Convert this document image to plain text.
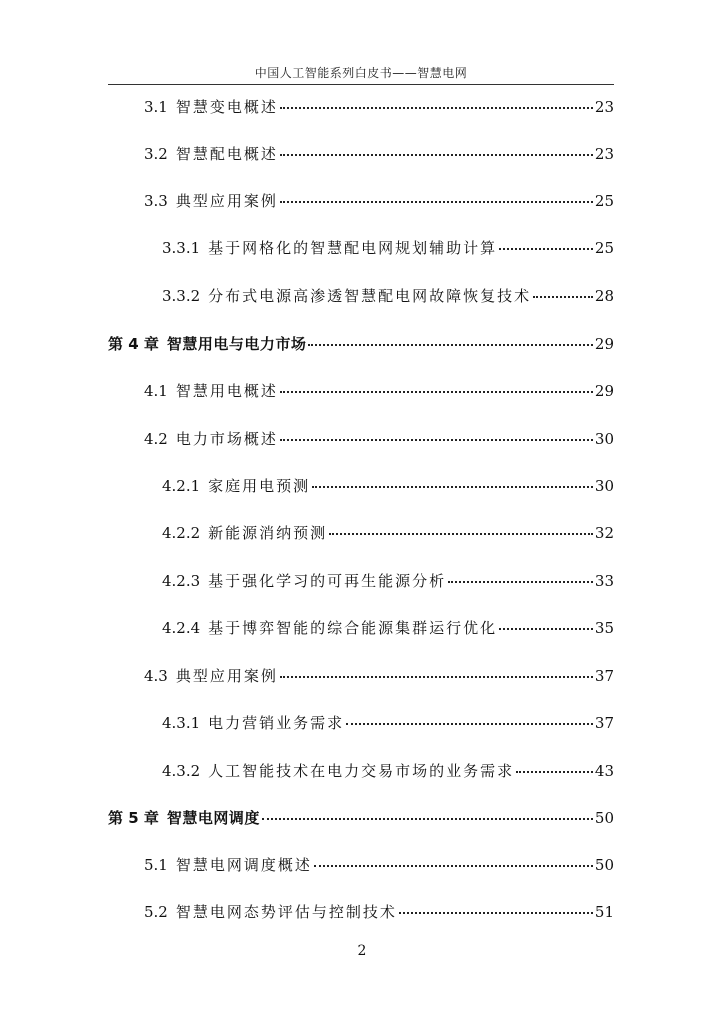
中国人工智能系列白皮书——智慧电网
3.1 智慧变电概述	23
3.2 智慧配电概述	23
3.3 典型应用案例	25
3.3.1 基于网格化的智慧配电网规划辅助计算	25
3.3.2 分布式电源高渗透智慧配电网故障恢复技术	28
第 4 章 智慧用电与电力市场	29
4.1 智慧用电概述	29
4.2 电力市场概述	30
4.2.1 家庭用电预测	30
4.2.2 新能源消纳预测	32
4.2.3 基于强化学习的可再生能源分析	33
4.2.4 基于博弈智能的综合能源集群运行优化	35
4.3 典型应用案例	37
4.3.1 电力营销业务需求	37
4.3.2 人工智能技术在电力交易市场的业务需求	43
第 5 章 智慧电网调度	50
5.1 智慧电网调度概述	50
5.2 智慧电网态势评估与控制技术	51
2
